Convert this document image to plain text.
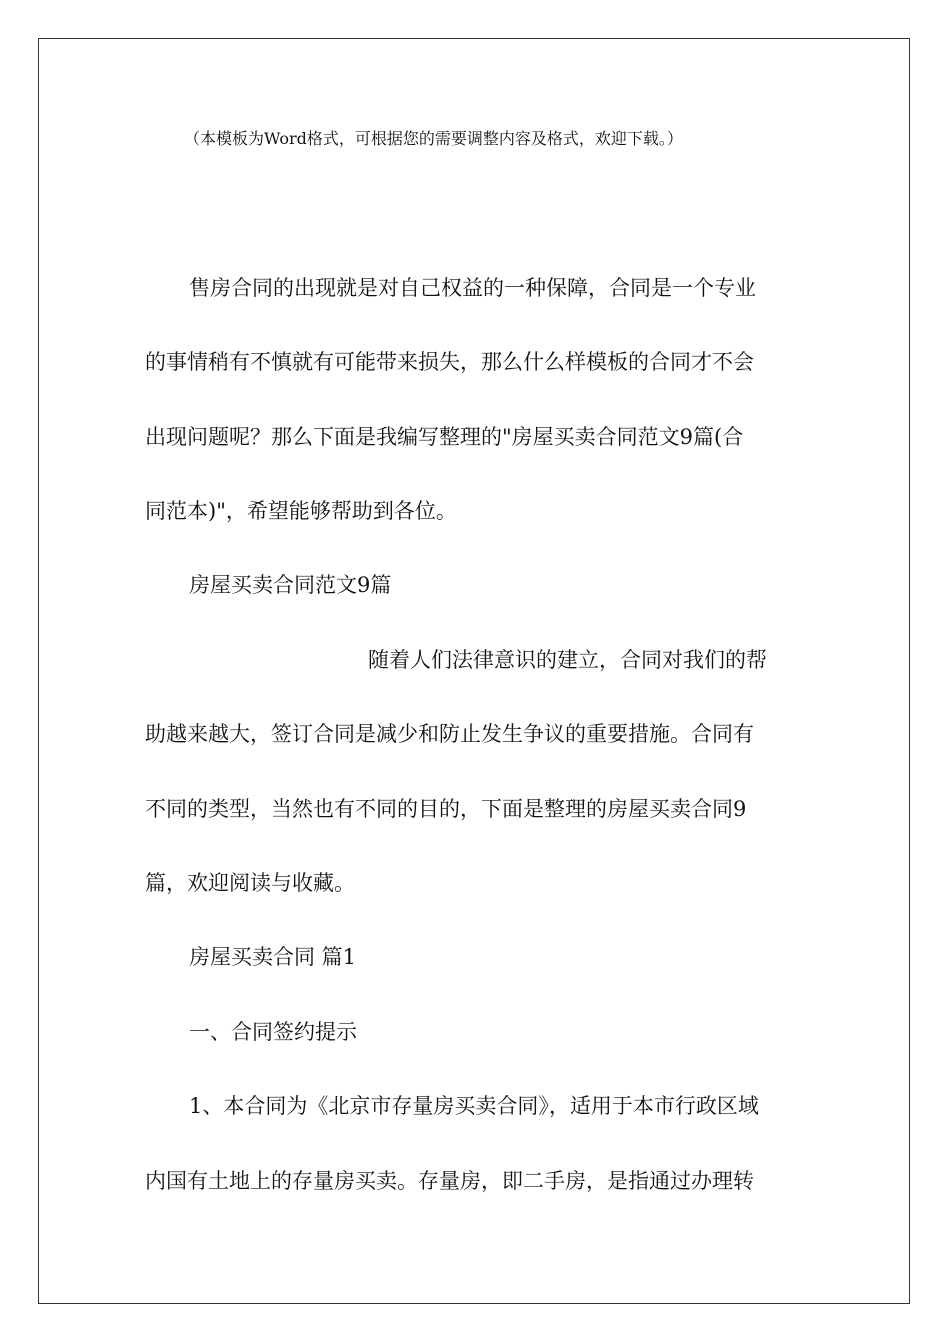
（本模板为Word格式，可根据您的需要调整内容及格式，欢迎下载。）
售房合同的出现就是对自己权益的一种保障，合同是一个专业
的事情稍有不慎就有可能带来损失，那么什么样模板的合同才不会
出现问题呢？那么下面是我编写整理的"房屋买卖合同范文9篇(合
同范本)"，希望能够帮助到各位。
房屋买卖合同范文9篇
随着人们法律意识的建立，合同对我们的帮
助越来越大，签订合同是减少和防止发生争议的重要措施。合同有
不同的类型，当然也有不同的目的，下面是整理的房屋买卖合同9
篇，欢迎阅读与收藏。
房屋买卖合同 篇1
一、合同签约提示
1、本合同为《北京市存量房买卖合同》，适用于本市行政区域
内国有土地上的存量房买卖。存量房，即二手房，是指通过办理转
